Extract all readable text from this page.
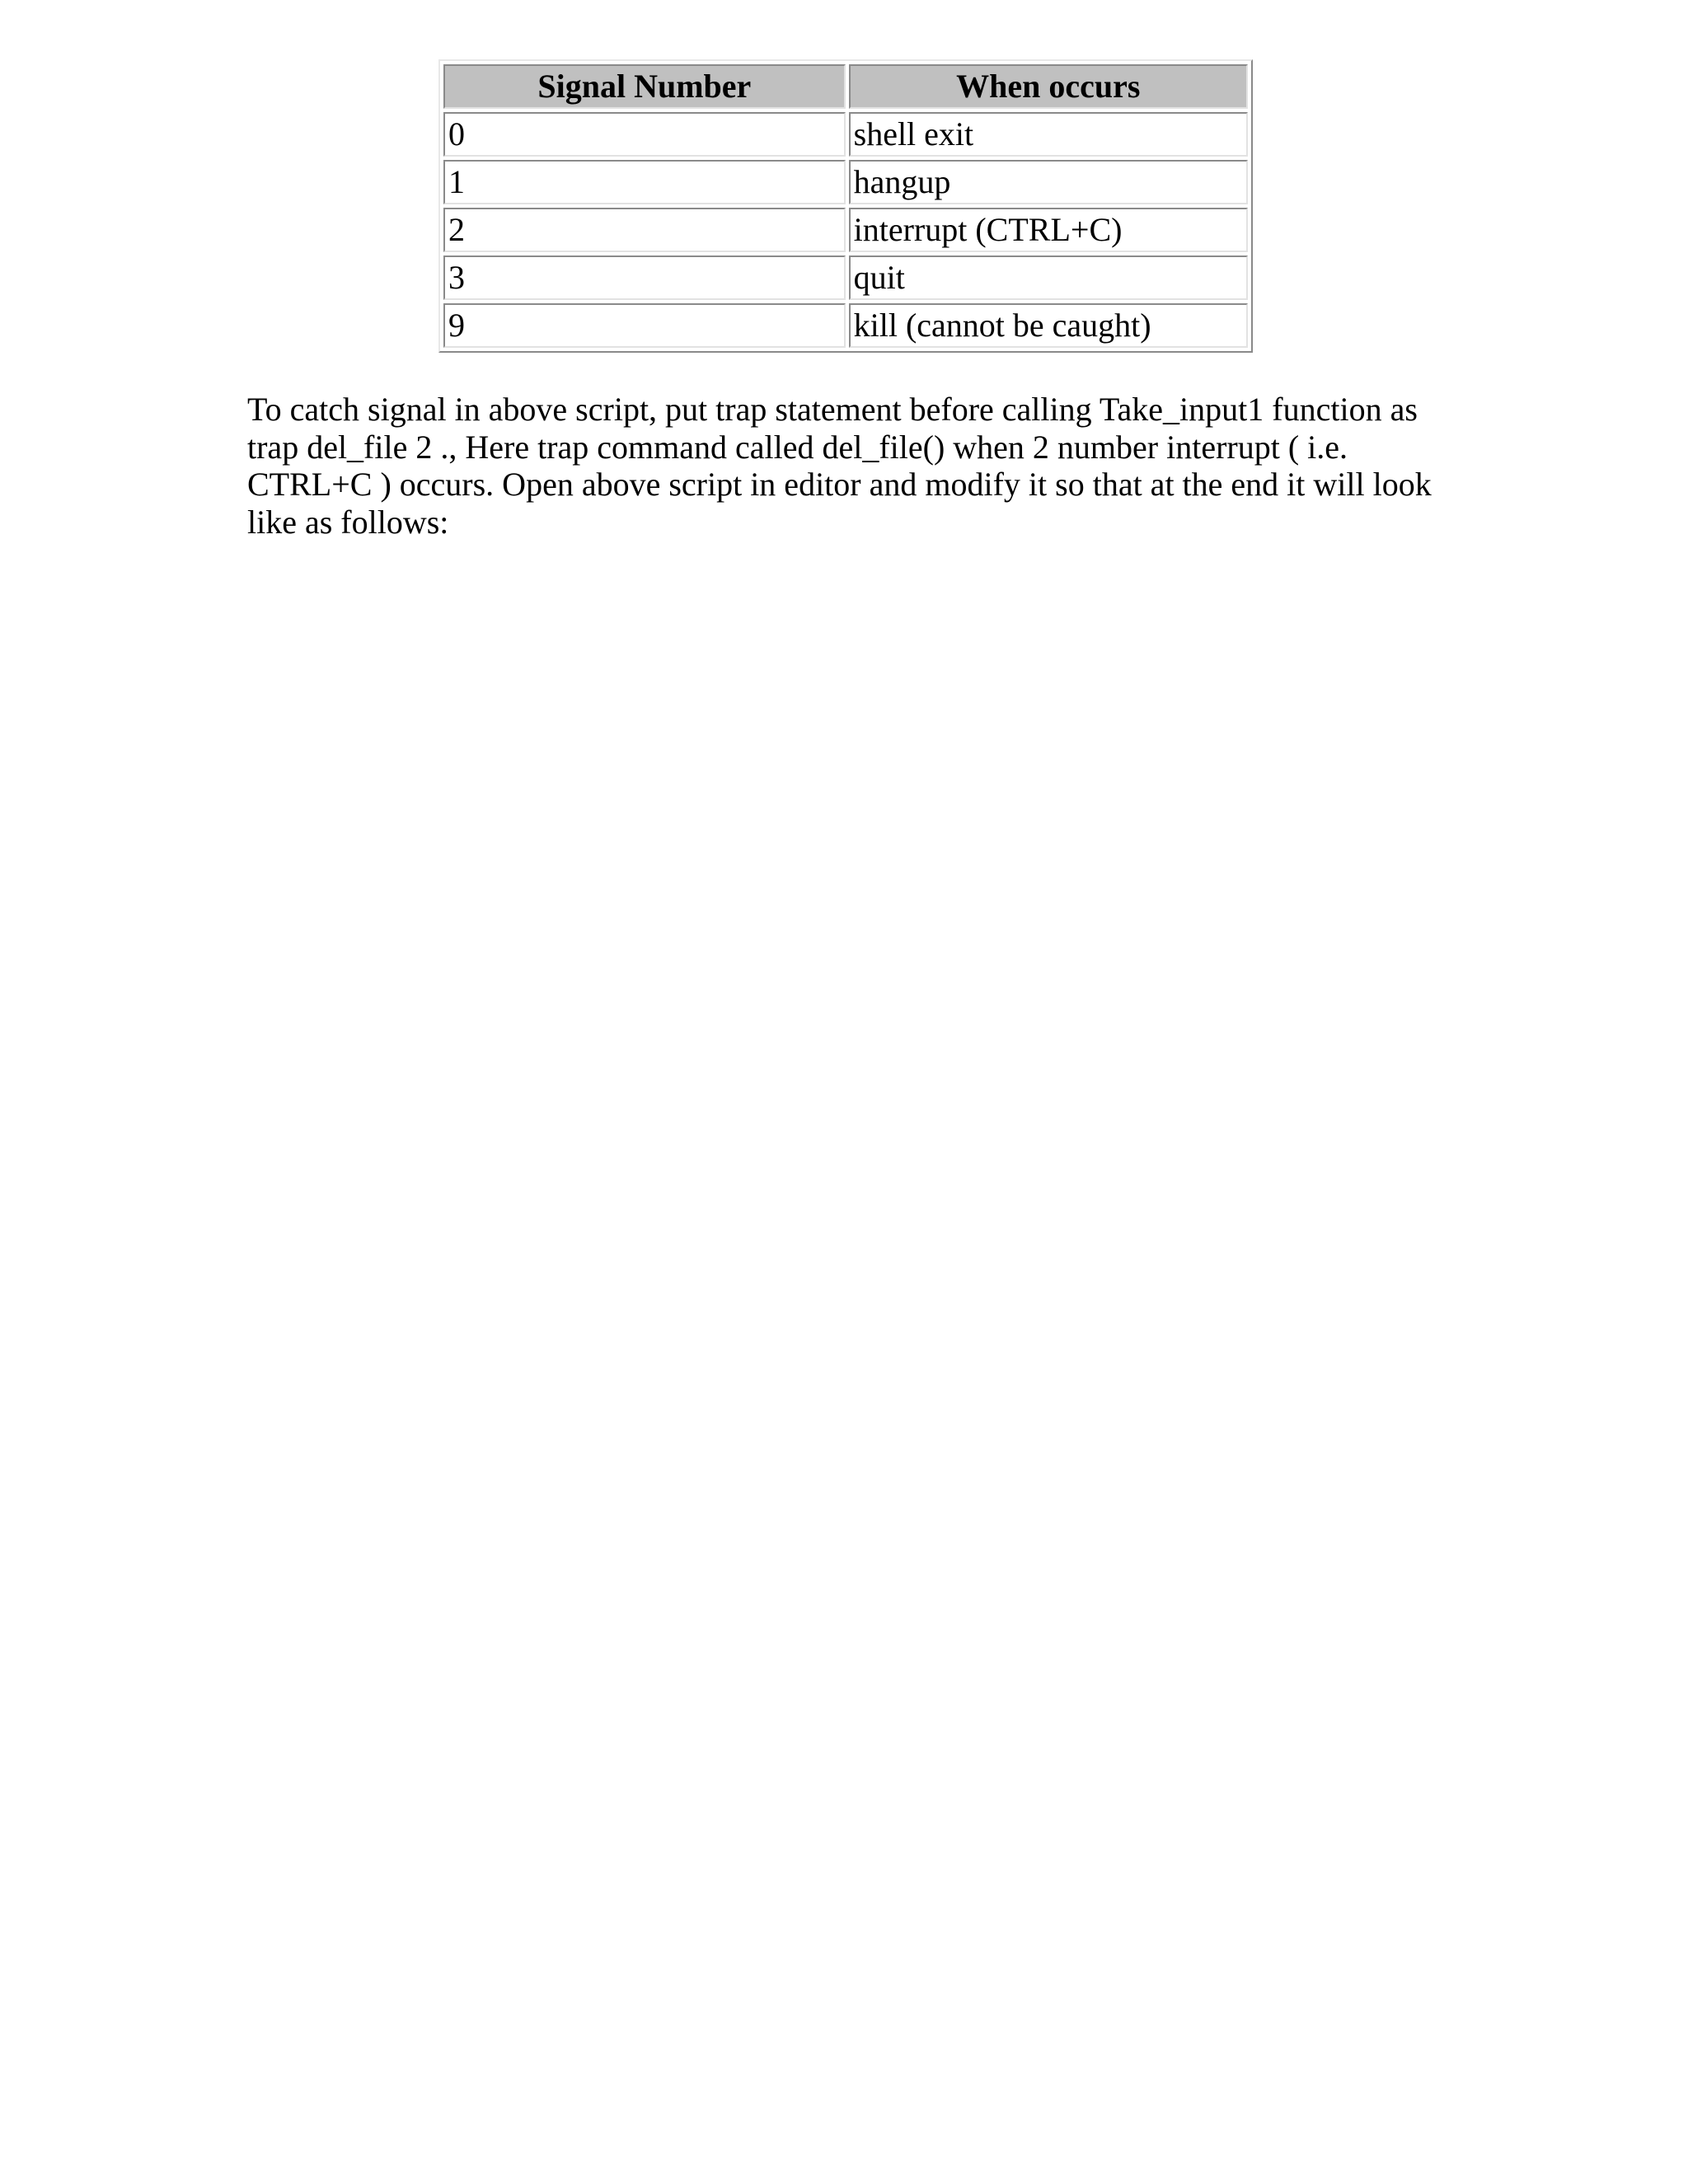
Signal Number	When occurs
0	shell exit
1	hangup
2	interrupt (CTRL+C)
3	quit
9	kill (cannot be caught)

To catch signal in above script, put trap statement before calling Take_input1 function as
trap del_file 2 ., Here trap command called del_file() when 2 number interrupt ( i.e.
CTRL+C ) occurs. Open above script in editor and modify it so that at the end it will look
like as follows:
